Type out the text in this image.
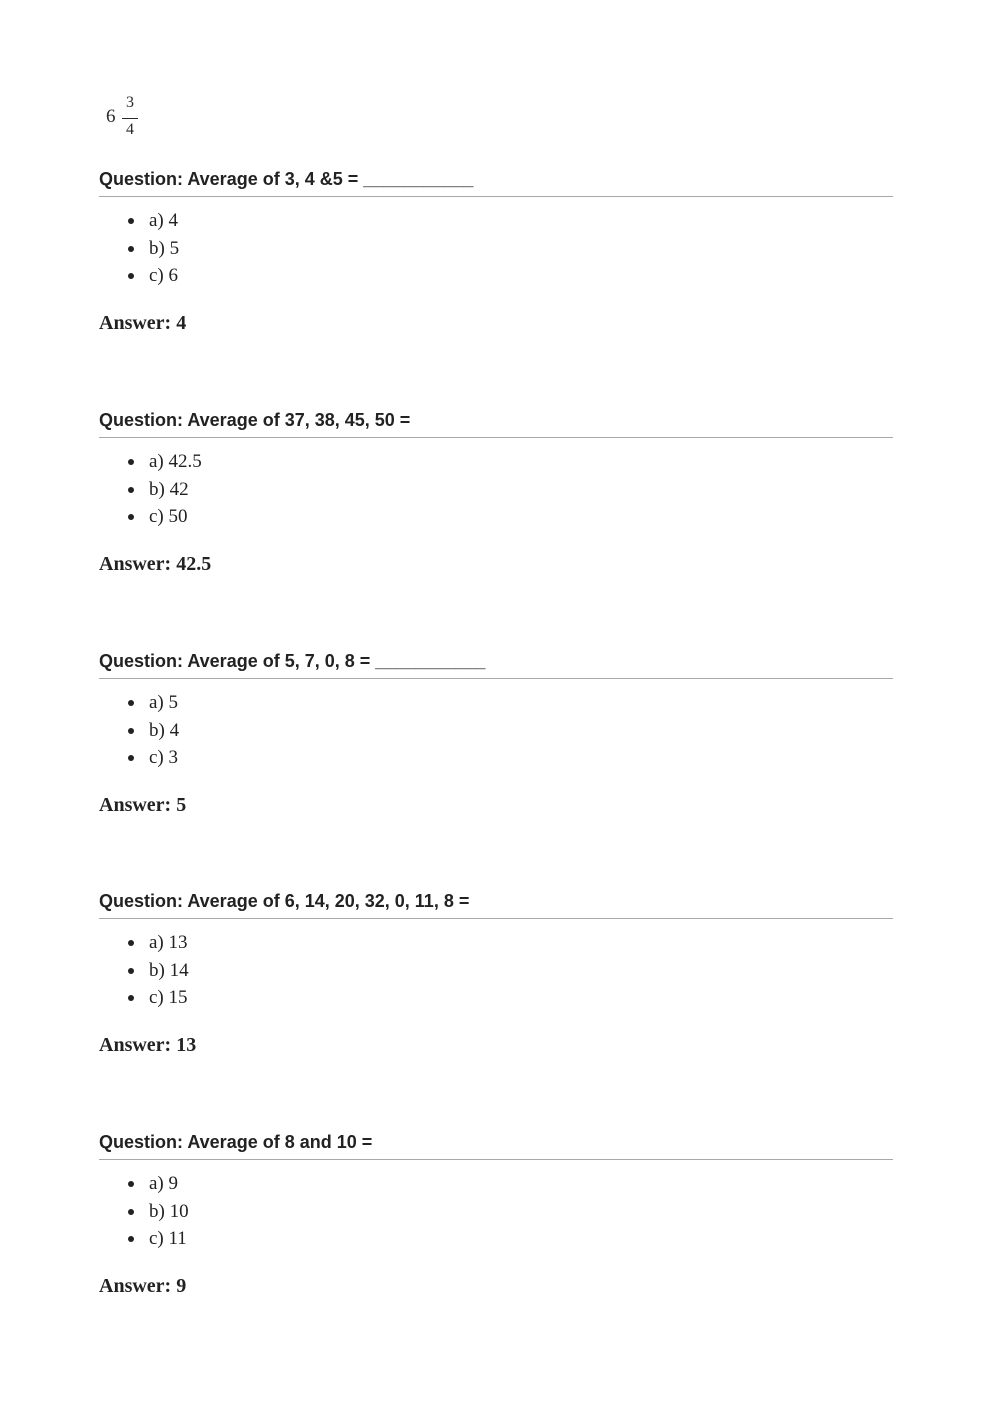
6
3
4
Question: Average of 3, 4 &5 = ___________
a) 4
b) 5
c) 6
Answer: 4
Question: Average of 37, 38, 45, 50 =
a) 42.5
b) 42
c) 50
Answer: 42.5
Question: Average of 5, 7, 0, 8 = ___________
a) 5
b) 4
c) 3
Answer: 5
Question: Average of 6, 14, 20, 32, 0, 11, 8 =
a) 13
b) 14
c) 15
Answer: 13
Question: Average of 8 and 10 =
a) 9
b) 10
c) 11
Answer: 9
